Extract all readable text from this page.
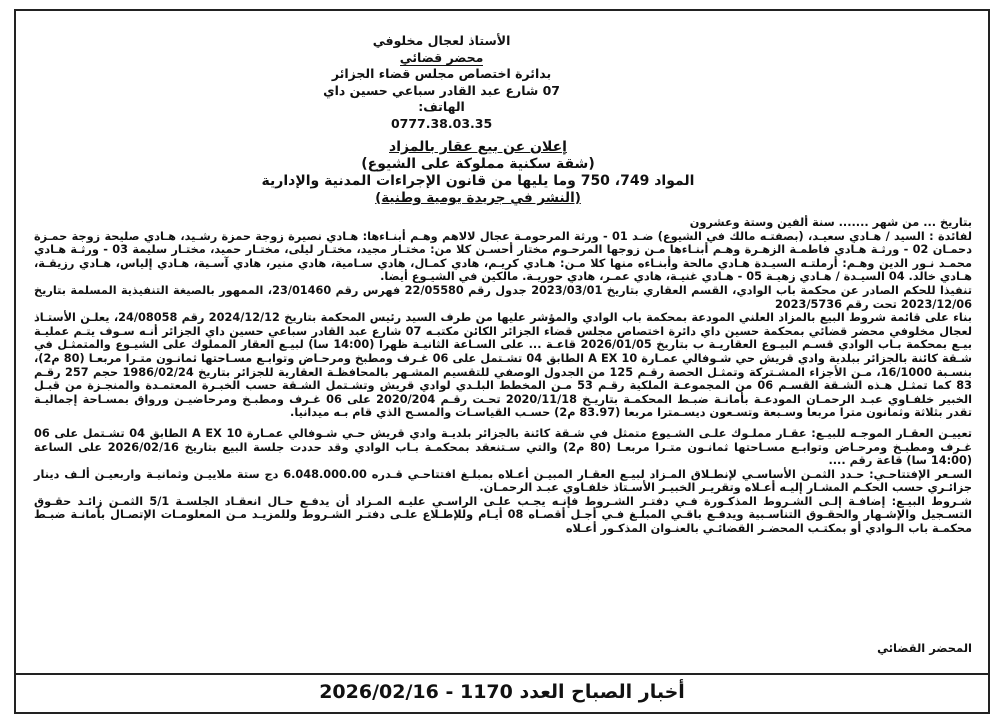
الأستاذ لعجال مخلوفي
محضر قضائي
بدائرة اختصاص مجلس قضاء الجزائر
07 شارع عبد القادر سباعي حسين داي
الهاتف:
0777.38.03.35
إعلان عن بيع عقار بالمزاد
(شقة سكنية مملوكة على الشيوع)
المواد 749، 750 وما يليها من قانون الإجراءات المدنية والإدارية
(النشر في جريدة يومية وطنية)

بتاريخ ... من شهر ....... سنة ألفين وستة وعشرون

لفائدة : السيد / هـادي سعيـد، (بصفتـه مالك في الشيوع) ضـد 01 - ورثة المرحومـة عجال لالاهم وهـم أبنـاءها: هـادي نصيرة زوجة حمزة رشـيد، هـادي صليحة زوجة حمـزة دحمـان 02 - ورثـة هـادي فاطمـة الزهـرة وهـم أبنـاءها مـن زوجها المرحـوم مختار أحسـن كلا من: مختـار مجيد، مختـار ليلى، مختـار حميد، مختـار سليمة 03 - ورثـة هـادي محمـد نـور الدين وهـم: أرملتـه السيـدة هـادي مالحة وأبنـاءه منها كلا مـن: هـادي كريـم، هادي كمـال، هادي سـامية، هادي منير، هادي آسـية، هـادي إلياس، هـادي رزيقـة، هـادي خالد. 04 السيـدة / هـادي زهيـة 05 - هـادي غنيـة، هادي عمـر، هادي حوريـة. مالكين في الشيـوع أيضا.

تنفيذا للحكم الصادر عن محكمة باب الوادي، القسم العقاري بتاريخ 2023/03/01 جدول رقم 22/05580 فهرس رقم 23/01460، الممهور بالصيغة التنفيذية المسلمة بتاريخ 2023/12/06 تحت رقم 2023/5736

بناء على قائمة شروط البيع بالمزاد العلني المودعة بمحكمة باب الوادي والمؤشر عليها من طرف السيد رئيس المحكمة بتاريخ 2024/12/12 رقم 24/08058، يعلـن الأستـاذ لعجال مخلوفي محضر قضائي بمحكمة حسين داي دائرة اختصاص مجلس قضاء الجزائر الكائن مكتبـه 07 شارع عبد القادر سباعي حسين داي الجزائر أنـه سـوف يتـم عمليـة بيـع بمحكمة بـاب الوادي قسـم البيـوع العقاريـة ب بتاريخ 2026/01/05 قاعـة ... على السـاعة الثانيـة ظهرا (14:00 سا) لبيـع العقار المملوك على الشيـوع والمتمثـل في شـقة كائنة بالجزائر ببلدية وادي قريش حي شـوفالي عمـارة 10 A EX الطابق 04 تشـتمل على 06 غـرف ومطبخ ومرحـاض وتوابـع مسـاحتها ثمانـون متـرا مربعـا (80 م2)، بنسـبة 16/1000، مـن الأجزاء المشـتركة وتمثـل الحصة رقـم 125 من الجدول الوصفي للتقسيم المشـهر بالمحافظـة العقارية للجزائر بتاريخ 1986/02/24 حجم 257 رقـم 83 كما تمثـل هـذه الشـقة القسـم 06 من المجموعـة الملكية رقـم 53 مـن المخطط البلـدي لوادي قريش وتشـتمل الشـقة حسب الخبـرة المعتمـدة والمنجـزة من قبـل الخبير خلفـاوي عبـد الرحمـان المودعـة بأمانـة ضبـط المحكمـة بتاريـخ 2020/11/18 تحـت رقـم 2020/204 على 06 غـرف ومطبـخ ومرحاضيـن ورواق بمسـاحة إجماليـة تقدر بثلاثة وثمانون مترا مربعا وسـبعة وتسـعون ديسـمترا مربعا (83.97 م2) حسـب القياسـات والمسـح الذي قام بـه ميدانيا.

تعييـن العقـار الموجـه للبيـع: عقـار مملـوك علـى الشـيوع متمثل في شـقة كائنة بالجزائر بلديـة وادي قريش حـي شـوفالي عمـارة 10 A EX الطابق 04 تشـتمل على 06 غـرف ومطبـخ ومرحـاض وتوابـع مسـاحتها ثمانـون متـرا مربعـا (80 م2) والتي سـتنعقد بمحكمـة بـاب الوادي وقد حددت جلسة البيع بتاريخ 2026/02/16 على الساعة (14:00 سا) قاعة رقم ....

السـعر الإفتتاحـي: حـدد الثمـن الأساسـي لإنطـلاق المـزاد لبيـع العقـار المبيـن أعـلاه بمبلـغ افتتاحـي قـدره 6.048.000.00 دج ستة ملاييـن وثمانيـة واربعيـن ألـف دينار جزائـري حسب الحكـم المشـار إليـه أعـلاه وتقريـر الخبيـر الأسـتاذ خلفـاوي عبـد الرحمـان.

شـروط البيـع: إضافـة إلـى الشـروط المذكـورة فـي دفتـر الشـروط فإنـه يجـب علـى الراسـي عليـه المـزاد أن يدفـع حـال انعقـاد الجلسـة 5/1 الثمـن زائـد حقـوق التسـجيل والإشـهار والحقـوق التناسـبية ويدفـع باقـي المبلـغ فـي أجـل أقصـاه 08 أيـام وللإطـلاع علـى دفتـر الشـروط وللمزيـد مـن المعلومـات الإتصـال بأمانـة ضبـط محكمـة باب الـوادي أو بمكتـب المحضـر القضائـي بالعنـوان المذكـور أعـلاه

المحضر القضائي
أخبار الصباح العدد 1170 - 2026/02/16
